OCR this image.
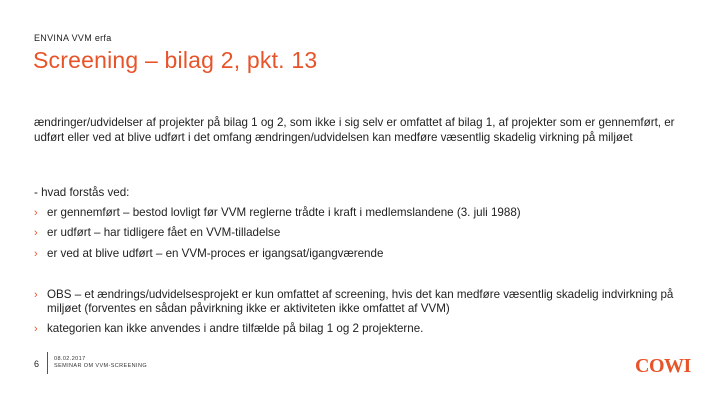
ENVINA VVM erfa
Screening – bilag 2, pkt. 13
ændringer/udvidelser af projekter på bilag 1 og 2, som ikke i sig selv er omfattet af bilag 1, af projekter som er gennemført, er udført eller ved at blive udført i det omfang ændringen/udvidelsen kan medføre væsentlig skadelig virkning på miljøet
- hvad forstås ved:
› er gennemført – bestod lovligt før VVM reglerne trådte i kraft i medlemslandene (3. juli 1988)
› er udført – har tidligere fået en VVM-tilladelse
› er ved at blive udført – en VVM-proces er igangsat/igangværende
› OBS – et ændrings/udvidelsesprojekt er kun omfattet af screening, hvis det kan medføre væsentlig skadelig indvirkning på miljøet (forventes en sådan påvirkning ikke er aktiviteten ikke omfattet af VVM)
› kategorien kan ikke anvendes i andre tilfælde på bilag 1 og 2 projekterne.
6	08.02.2017
SEMINAR OM VVM-SCREENING	COWI
